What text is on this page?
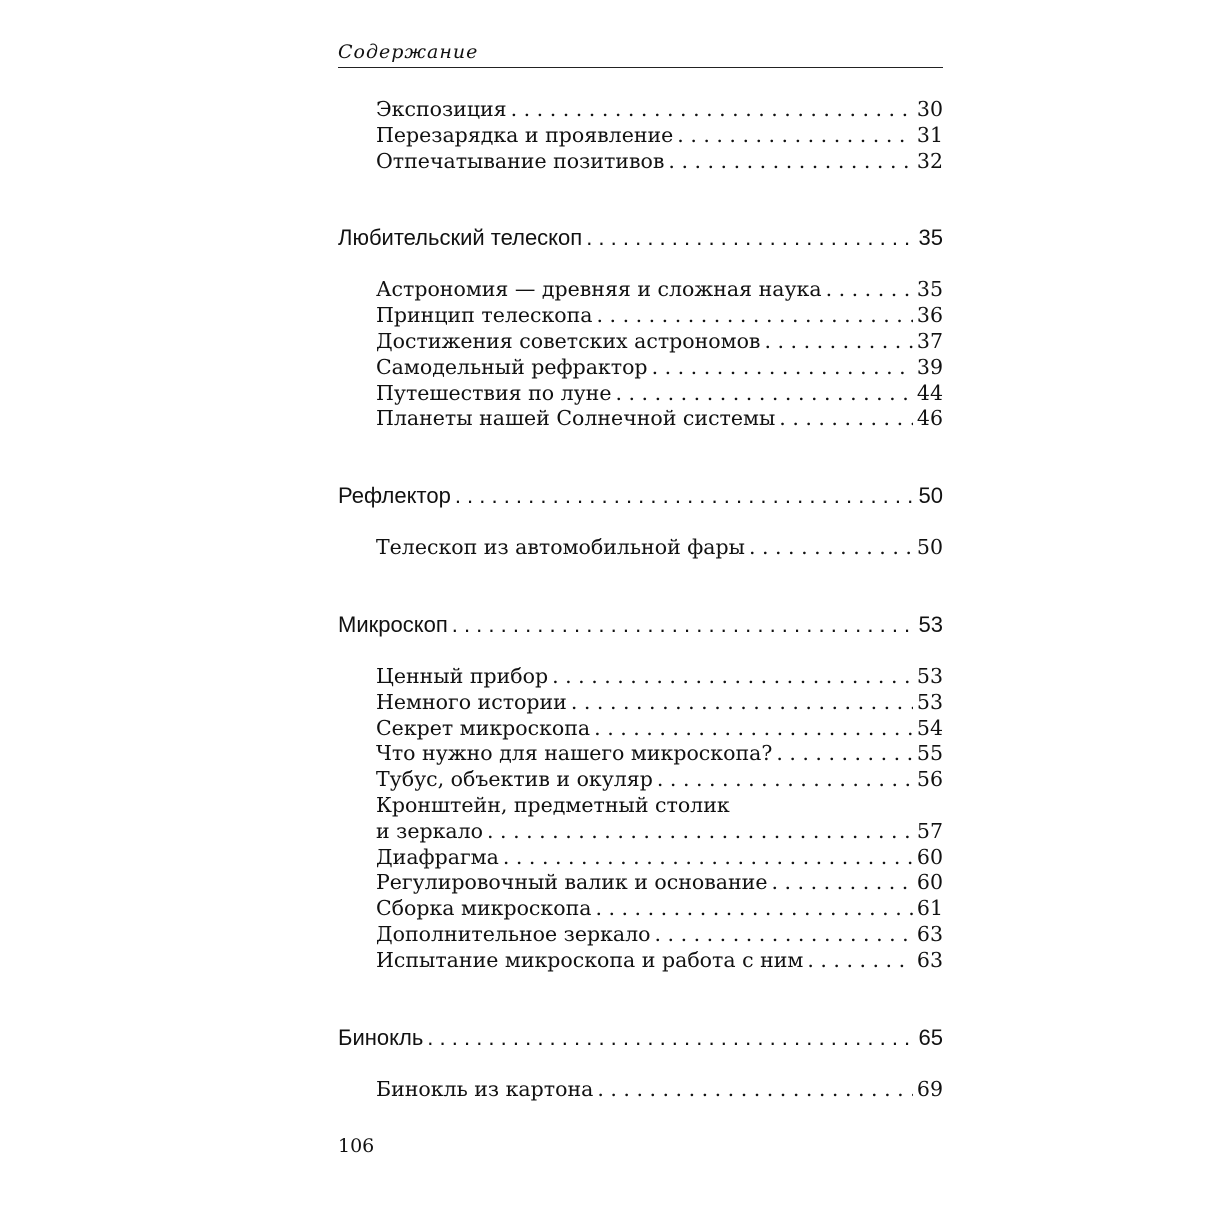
Содержание
Экспозиция . . .	30
Перезарядка и проявление . . .	31
Отпечатывание позитивов . . .	32
Любительский телескоп . . .	35
Астрономия — древняя и сложная наука . . .	35
Принцип телескопа . . .	36
Достижения советских астрономов . . .	37
Самодельный рефрактор . . .	39
Путешествия по луне . . .	44
Планеты нашей Солнечной системы . . .	46
Рефлектор . . .	50
Телескоп из автомобильной фары . . .	50
Микроскоп . . .	53
Ценный прибор . . .	53
Немного истории . . .	53
Секрет микроскопа . . .	54
Что нужно для нашего микроскопа? . . .	55
Тубус, объектив и окуляр . . .	56
Кронштейн, предметный столик
и зеркало . . .	57
Диафрагма . . .	60
Регулировочный валик и основание . . .	60
Сборка микроскопа . . .	61
Дополнительное зеркало . . .	63
Испытание микроскопа и работа с ним . . .	63
Бинокль . . .	65
Бинокль из картона . . .	69
106
